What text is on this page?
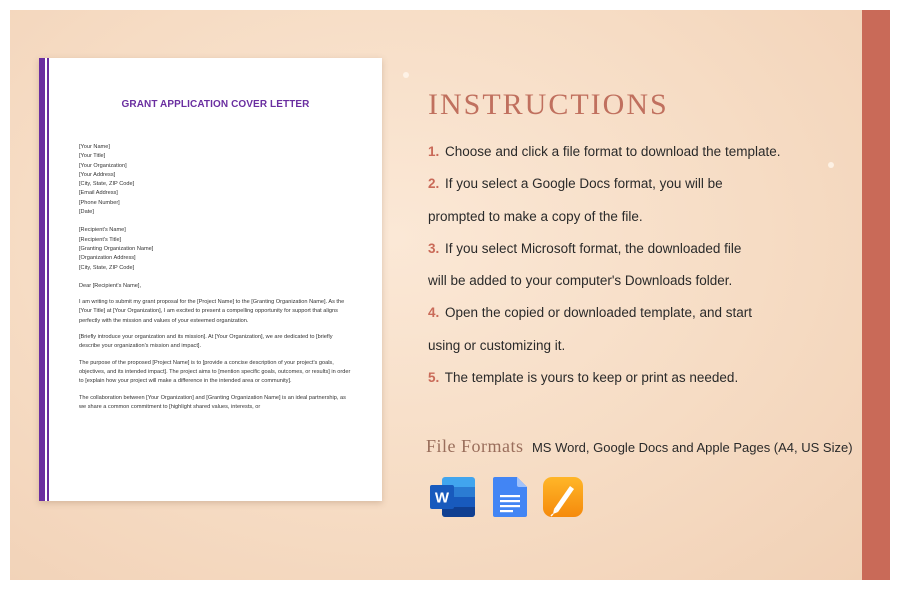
GRANT APPLICATION COVER LETTER
[Your Name]
[Your Title]
[Your Organization]
[Your Address]
[City, State, ZIP Code]
[Email Address]
[Phone Number]
[Date]
[Recipient's Name]
[Recipient's Title]
[Granting Organization Name]
[Organization Address]
[City, State, ZIP Code]

Dear [Recipient's Name],

I am writing to submit my grant proposal for the [Project Name] to the [Granting Organization Name]. As the [Your Title] at [Your Organization], I am excited to present a compelling opportunity for support that aligns perfectly with the mission and values of your esteemed organization.

[Briefly introduce your organization and its mission]. At [Your Organization], we are dedicated to [briefly describe your organization's mission and impact].

The purpose of the proposed [Project Name] is to [provide a concise description of your project's goals, objectives, and its intended impact]. The project aims to [mention specific goals, outcomes, or results] in order to [explain how your project will make a difference in the intended area or community].

The collaboration between [Your Organization] and [Granting Organization Name] is an ideal partnership, as we share a common commitment to [highlight shared values, interests, or

INSTRUCTIONS
1. Choose and click a file format to download the template.
2. If you select a Google Docs format, you will be
prompted to make a copy of the file.
3. If you select Microsoft format, the downloaded file
will be added to your computer's Downloads folder.
4. Open the copied or downloaded template, and start
using or customizing it.
5. The template is yours to keep or print as needed.
File Formats MS Word, Google Docs and Apple Pages (A4, US Size)
W
